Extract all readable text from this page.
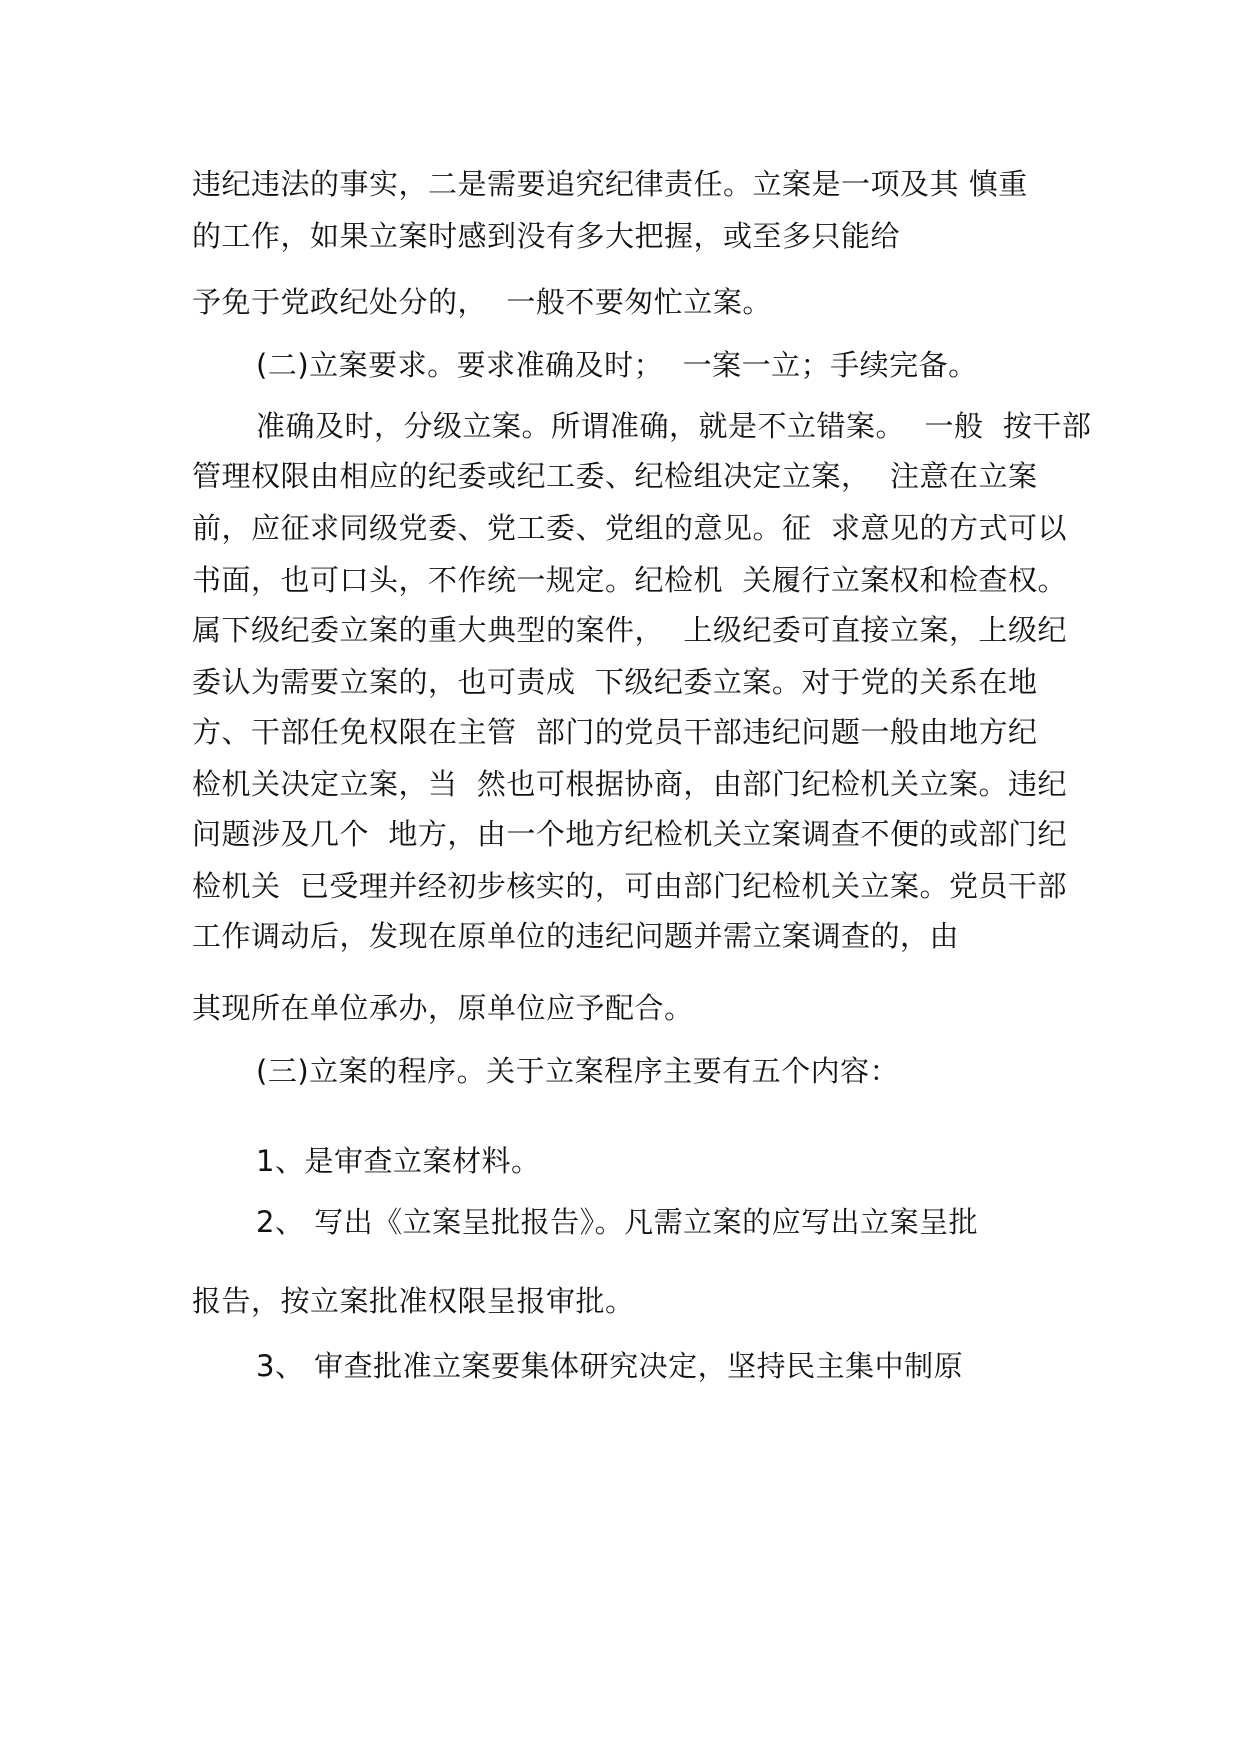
违纪违法的事实，二是需要追究纪律责任。立案是一项及其 慎重
的工作，如果立案时感到没有多大把握，或至多只能给
予免于党政纪处分的，  一般不要匆忙立案。
(二)立案要求。要求准确及时；  一案一立；手续完备。
准确及时，分级立案。所谓准确，就是不立错案。  一般  按干部
管理权限由相应的纪委或纪工委、纪检组决定立案，  注意在立案
前，应征求同级党委、党工委、党组的意见。征  求意见的方式可以
书面，也可口头，不作统一规定。纪检机  关履行立案权和检查权。
属下级纪委立案的重大典型的案件，  上级纪委可直接立案，上级纪
委认为需要立案的，也可责成  下级纪委立案。对于党的关系在地
方、干部任免权限在主管  部门的党员干部违纪问题一般由地方纪
检机关决定立案，当  然也可根据协商，由部门纪检机关立案。违纪
问题涉及几个  地方，由一个地方纪检机关立案调查不便的或部门纪
检机关  已受理并经初步核实的，可由部门纪检机关立案。党员干部
工作调动后，发现在原单位的违纪问题并需立案调查的，由
其现所在单位承办，原单位应予配合。
(三)立案的程序。关于立案程序主要有五个内容：
1、是审查立案材料。
2、 写出《立案呈批报告》。凡需立案的应写出立案呈批
报告，按立案批准权限呈报审批。
3、 审查批准立案要集体研究决定，坚持民主集中制原
